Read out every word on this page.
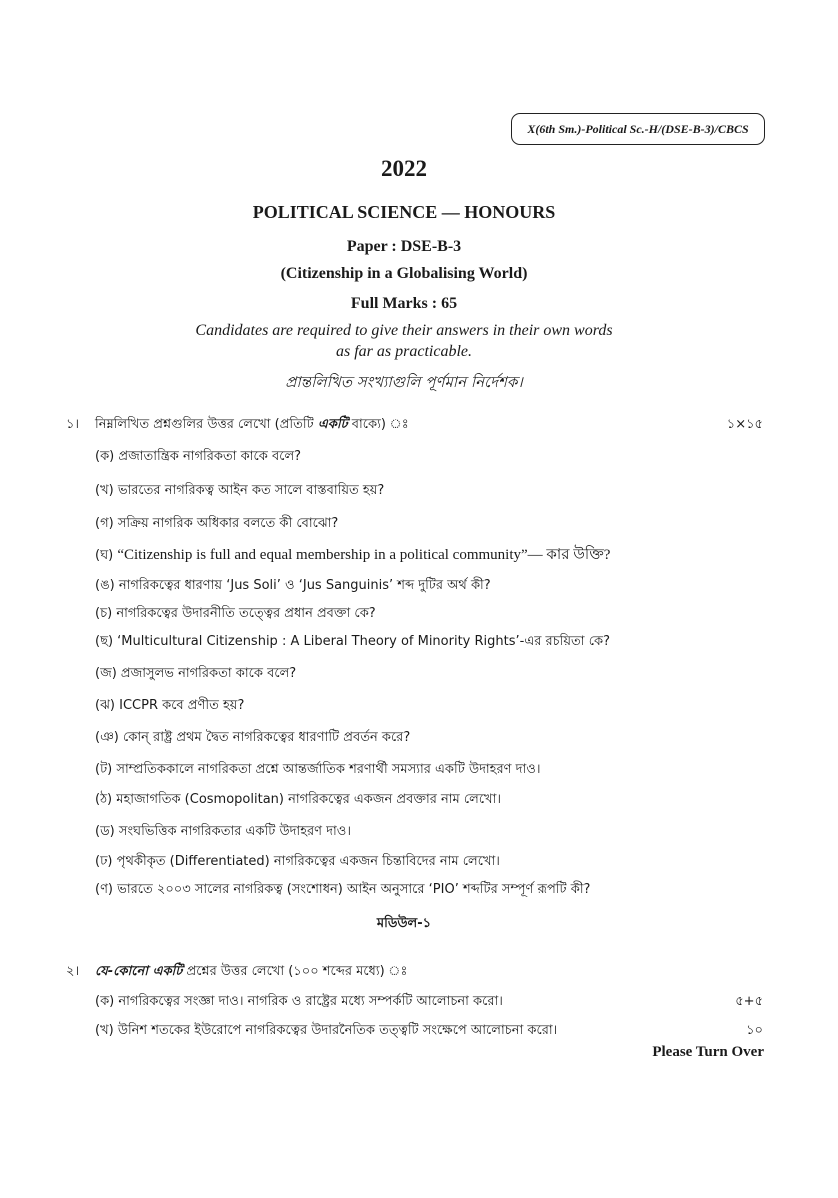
X(6th Sm.)-Political Sc.-H/(DSE-B-3)/CBCS
2022
POLITICAL SCIENCE — HONOURS
Paper : DSE-B-3
(Citizenship in a Globalising World)
Full Marks : 65
Candidates are required to give their answers in their own words
as far as practicable.
প্রান্তলিখিত সংখ্যাগুলি পূর্ণমান নির্দেশক।
১। নিম্নলিখিত প্রশ্নগুলির উত্তর লেখো (প্রতিটি একটি বাক্যে) ঃ	১×১৫
(ক) প্রজাতান্ত্রিক নাগরিকতা কাকে বলে?
(খ) ভারতের নাগরিকত্ব আইন কত সালে বাস্তবায়িত হয়?
(গ) সক্রিয় নাগরিক অধিকার বলতে কী বোঝো?
(ঘ) “Citizenship is full and equal membership in a political community”— কার উক্তি?
(ঙ) নাগরিকত্বের ধারণায় ‘Jus Soli’ ও ‘Jus Sanguinis’ শব্দ দুটির অর্থ কী?
(চ) নাগরিকত্বের উদারনীতি তত্ত্বের প্রধান প্রবক্তা কে?
(ছ) ‘Multicultural Citizenship : A Liberal Theory of Minority Rights’-এর রচয়িতা কে?
(জ) প্রজাসুলভ নাগরিকতা কাকে বলে?
(ঝ) ICCPR কবে প্রণীত হয়?
(ঞ) কোন্ রাষ্ট্র প্রথম দ্বৈত নাগরিকত্বের ধারণাটি প্রবর্তন করে?
(ট) সাম্প্রতিককালে নাগরিকতা প্রশ্নে আন্তর্জাতিক শরণার্থী সমস্যার একটি উদাহরণ দাও।
(ঠ) মহাজাগতিক (Cosmopolitan) নাগরিকত্বের একজন প্রবক্তার নাম লেখো।
(ড) সংঘভিত্তিক নাগরিকতার একটি উদাহরণ দাও।
(ঢ) পৃথকীকৃত (Differentiated) নাগরিকত্বের একজন চিন্তাবিদের নাম লেখো।
(ণ) ভারতে ২০০৩ সালের নাগরিকত্ব (সংশোধন) আইন অনুসারে ‘PIO’ শব্দটির সম্পূর্ণ রূপটি কী?
মডিউল-১
২। যে-কোনো একটি প্রশ্নের উত্তর লেখো (১০০ শব্দের মধ্যে) ঃ
(ক) নাগরিকত্বের সংজ্ঞা দাও। নাগরিক ও রাষ্ট্রের মধ্যে সম্পর্কটি আলোচনা করো।	৫+৫
(খ) উনিশ শতকের ইউরোপে নাগরিকত্বের উদারনৈতিক তত্ত্বটি সংক্ষেপে আলোচনা করো।	১০
Please Turn Over
